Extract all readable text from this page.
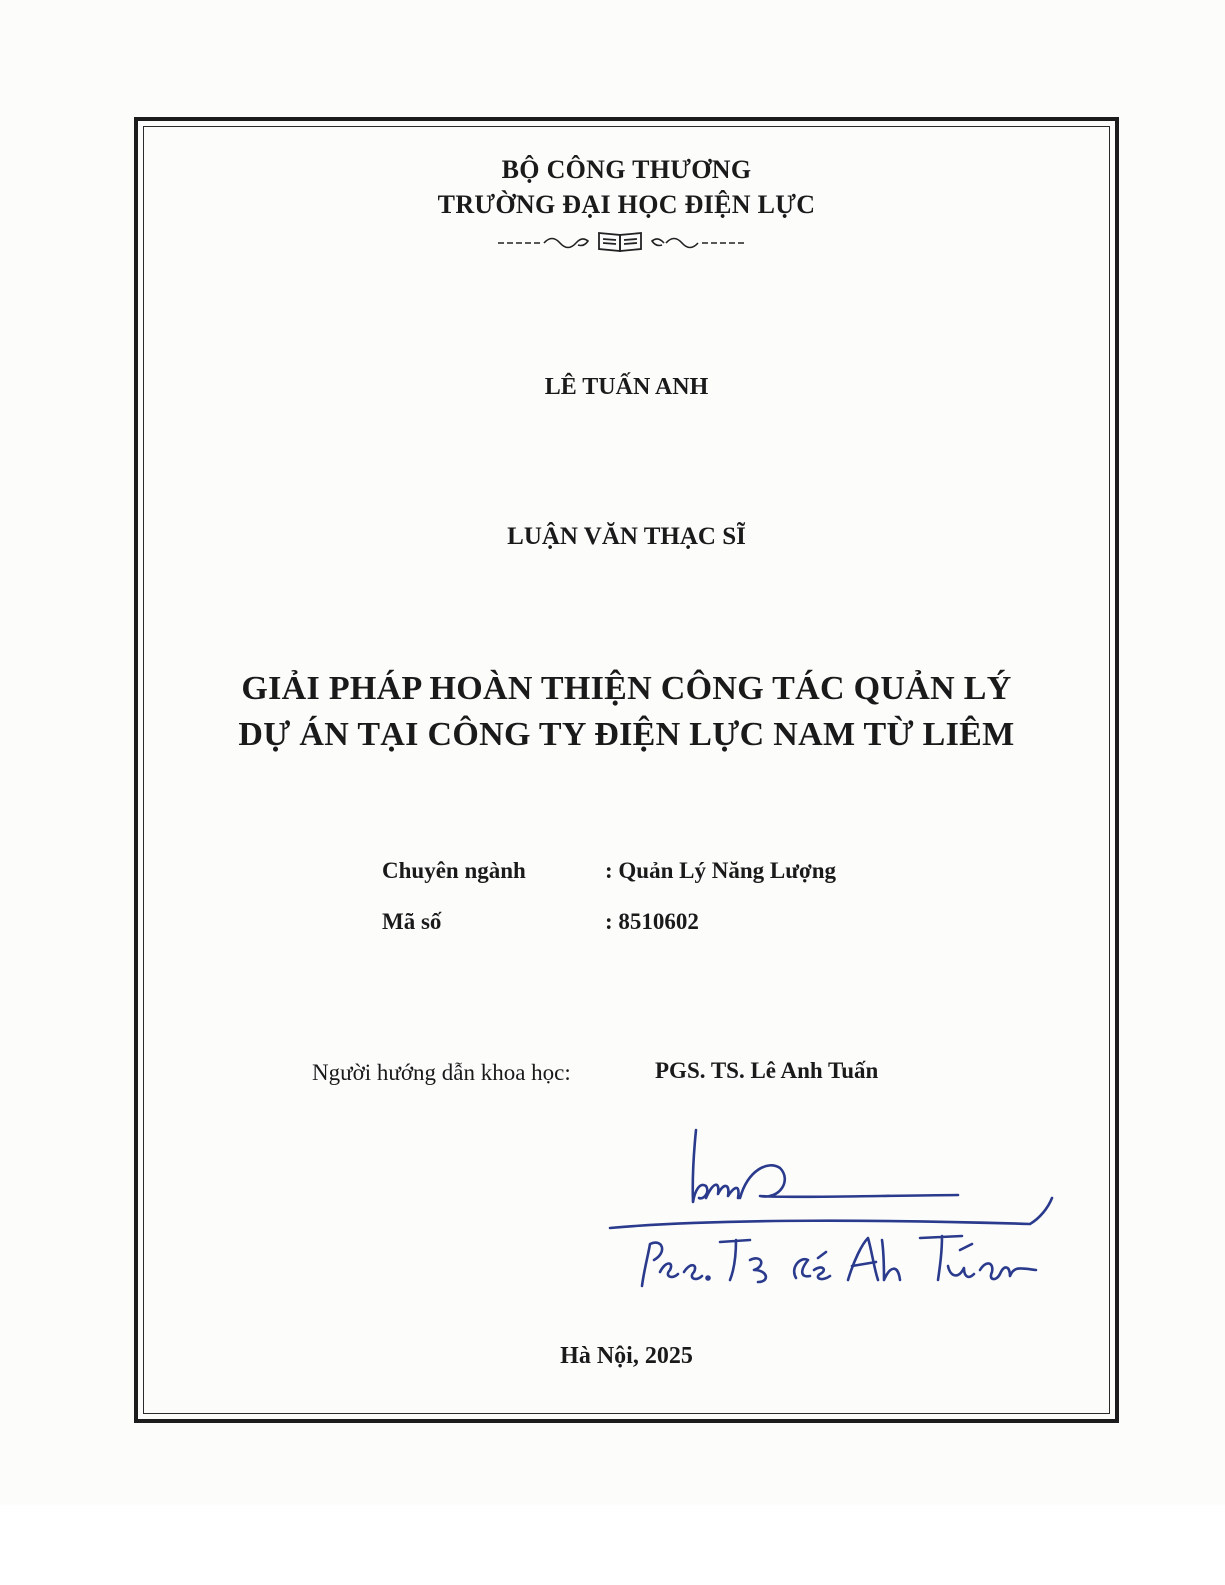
BỘ CÔNG THƯƠNG
TRƯỜNG ĐẠI HỌC ĐIỆN LỰC
LÊ TUẤN ANH
LUẬN VĂN THẠC SĨ
GIẢI PHÁP HOÀN THIỆN CÔNG TÁC QUẢN LÝ
DỰ ÁN TẠI CÔNG TY ĐIỆN LỰC NAM TỪ LIÊM
Chuyên ngành	: Quản Lý Năng Lượng
Mã số	: 8510602
Người hướng dẫn khoa học:	PGS. TS. Lê Anh Tuấn
Hà Nội, 2025
